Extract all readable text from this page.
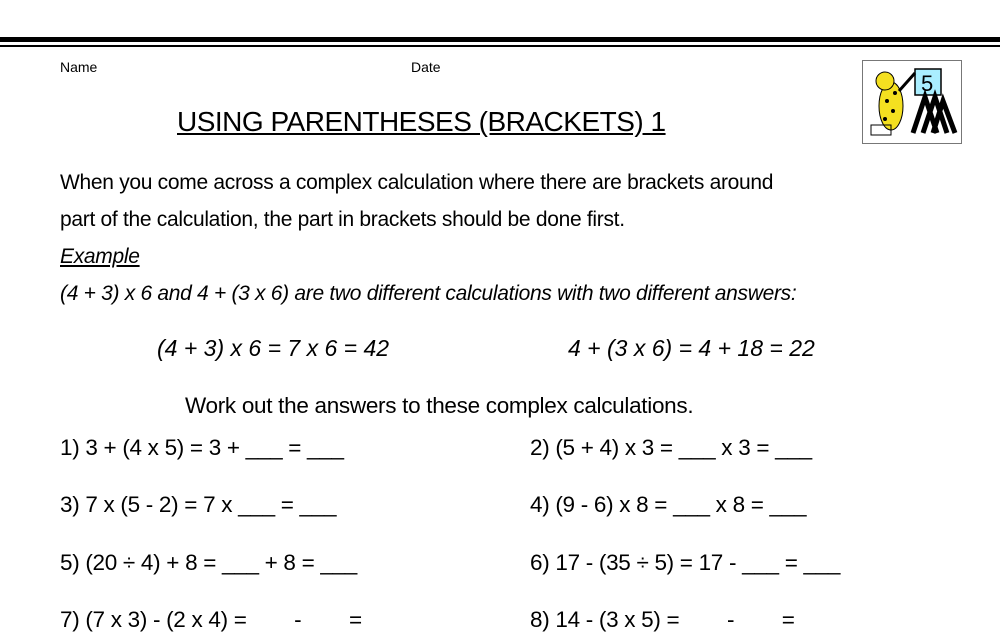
Name	Date
5
USING PARENTHESES (BRACKETS) 1
When you come across a complex calculation where there are brackets around
part of the calculation, the part in brackets should be done first.
Example
(4 + 3) x 6 and 4 + (3 x 6) are two different calculations with two different answers:
(4 + 3) x 6 = 7 x 6 = 42	4 + (3 x 6) = 4 + 18 = 22
Work out the answers to these complex calculations.
1) 3 + (4 x 5) = 3 + ___ = ___	2) (5 + 4) x 3 = ___ x 3 = ___
3) 7 x (5 - 2) = 7 x ___ = ___	4) (9 - 6) x 8 = ___ x 8 = ___
5) (20 ÷ 4) + 8 = ___ + 8 = ___	6) 17 - (35 ÷ 5) = 17 - ___ = ___
7) (7 x 3) - (2 x 4) =        -        =	8) 14 - (3 x 5) =        -        =
